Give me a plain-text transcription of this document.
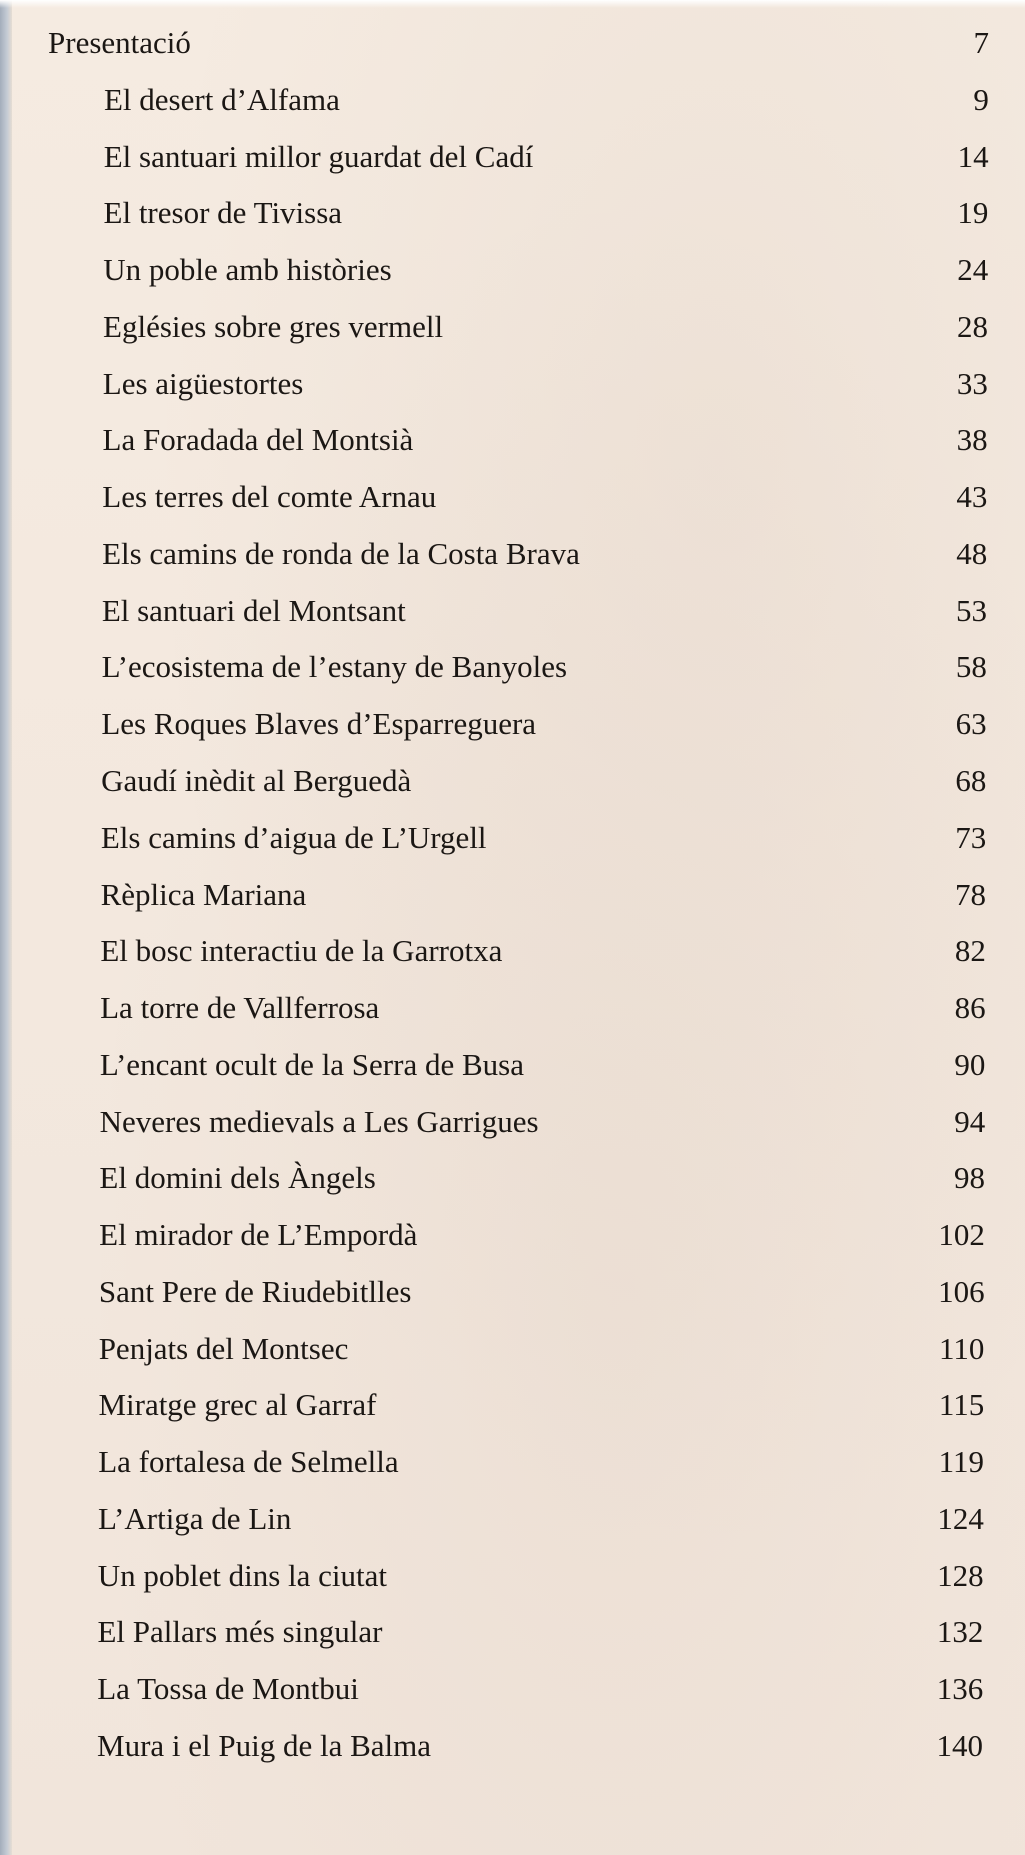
Presentació	7
El desert d’Alfama	9
El santuari millor guardat del Cadí	14
El tresor de Tivissa	19
Un poble amb històries	24
Eglésies sobre gres vermell	28
Les aigüestortes	33
La Foradada del Montsià	38
Les terres del comte Arnau	43
Els camins de ronda de la Costa Brava	48
El santuari del Montsant	53
L’ecosistema de l’estany de Banyoles	58
Les Roques Blaves d’Esparreguera	63
Gaudí inèdit al Berguedà	68
Els camins d’aigua de L’Urgell	73
Rèplica Mariana	78
El bosc interactiu de la Garrotxa	82
La torre de Vallferrosa	86
L’encant ocult de la Serra de Busa	90
Neveres medievals a Les Garrigues	94
El domini dels Àngels	98
El mirador de L’Empordà	102
Sant Pere de Riudebitlles	106
Penjats del Montsec	110
Miratge grec al Garraf	115
La fortalesa de Selmella	119
L’Artiga de Lin	124
Un poblet dins la ciutat	128
El Pallars més singular	132
La Tossa de Montbui	136
Mura i el Puig de la Balma	140
